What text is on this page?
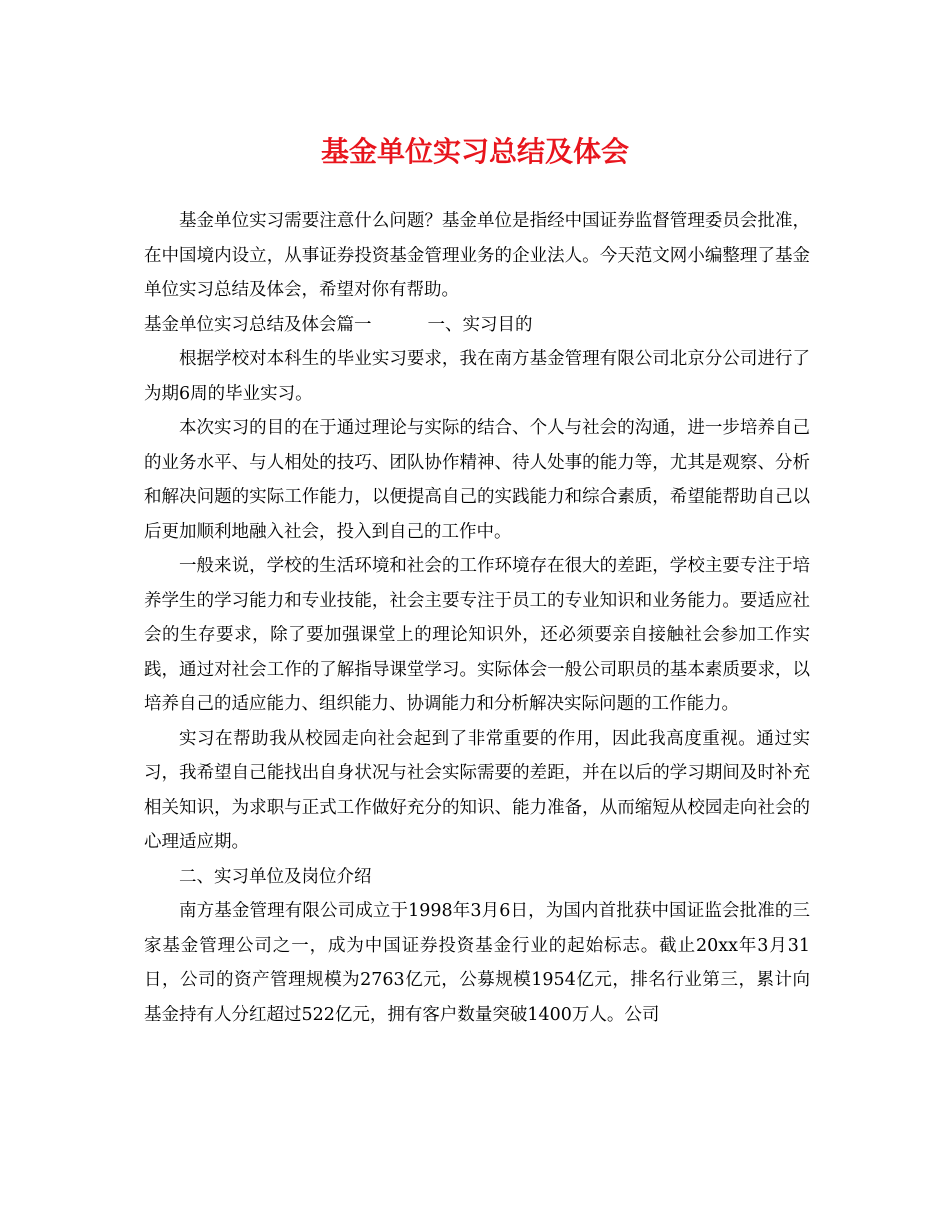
基金单位实习总结及体会

基金单位实习需要注意什么问题？基金单位是指经中国证券监督管理委员会批准，在中国境内设立，从事证券投资基金管理业务的企业法人。今天范文网小编整理了基金单位实习总结及体会，希望对你有帮助。

基金单位实习总结及体会篇一	一、实习目的

根据学校对本科生的毕业实习要求，我在南方基金管理有限公司北京分公司进行了为期6周的毕业实习。

本次实习的目的在于通过理论与实际的结合、个人与社会的沟通，进一步培养自己的业务水平、与人相处的技巧、团队协作精神、待人处事的能力等，尤其是观察、分析和解决问题的实际工作能力，以便提高自己的实践能力和综合素质，希望能帮助自己以后更加顺利地融入社会，投入到自己的工作中。

一般来说，学校的生活环境和社会的工作环境存在很大的差距，学校主要专注于培养学生的学习能力和专业技能，社会主要专注于员工的专业知识和业务能力。要适应社会的生存要求，除了要加强课堂上的理论知识外，还必须要亲自接触社会参加工作实践，通过对社会工作的了解指导课堂学习。实际体会一般公司职员的基本素质要求，以培养自己的适应能力、组织能力、协调能力和分析解决实际问题的工作能力。

实习在帮助我从校园走向社会起到了非常重要的作用，因此我高度重视。通过实习，我希望自己能找出自身状况与社会实际需要的差距，并在以后的学习期间及时补充相关知识，为求职与正式工作做好充分的知识、能力准备，从而缩短从校园走向社会的心理适应期。

二、实习单位及岗位介绍

南方基金管理有限公司成立于1998年3月6日，为国内首批获中国证监会批准的三家基金管理公司之一，成为中国证券投资基金行业的起始标志。截止20xx年3月31日，公司的资产管理规模为2763亿元，公募规模1954亿元，排名行业第三，累计向基金持有人分红超过522亿元，拥有客户数量突破1400万人。公司
